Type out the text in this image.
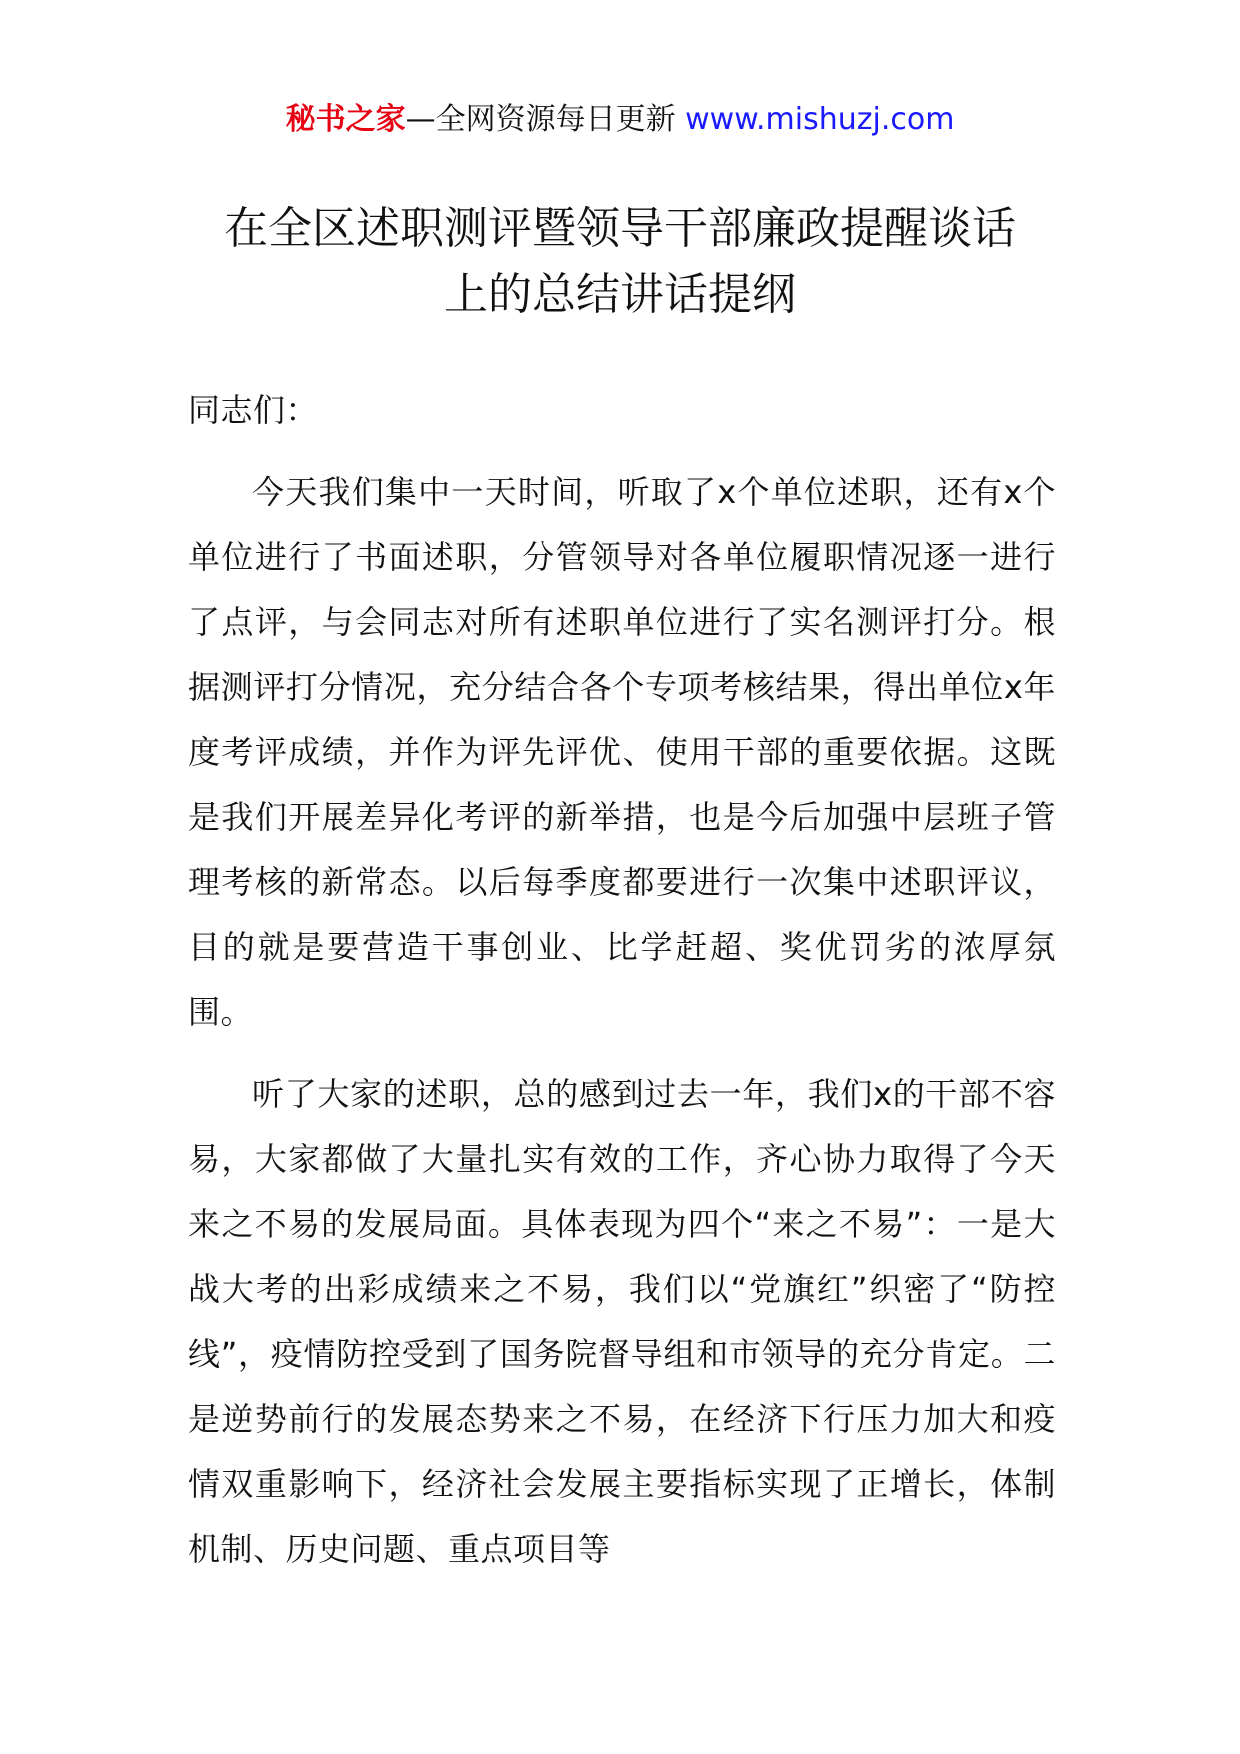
秘书之家—全网资源每日更新 www.mishuzj.com
在全区述职测评暨领导干部廉政提醒谈话
上的总结讲话提纲

同志们：

今天我们集中一天时间，听取了x个单位述职，还有x个单位进行了书面述职，分管领导对各单位履职情况逐一进行了点评，与会同志对所有述职单位进行了实名测评打分。根据测评打分情况，充分结合各个专项考核结果，得出单位x年度考评成绩，并作为评先评优、使用干部的重要依据。这既是我们开展差异化考评的新举措，也是今后加强中层班子管理考核的新常态。以后每季度都要进行一次集中述职评议，目的就是要营造干事创业、比学赶超、奖优罚劣的浓厚氛围。

听了大家的述职，总的感到过去一年，我们x的干部不容易，大家都做了大量扎实有效的工作，齐心协力取得了今天来之不易的发展局面。具体表现为四个“来之不易”：一是大战大考的出彩成绩来之不易，我们以“党旗红”织密了“防控线”，疫情防控受到了国务院督导组和市领导的充分肯定。二是逆势前行的发展态势来之不易，在经济下行压力加大和疫情双重影响下，经济社会发展主要指标实现了正增长，体制机制、历史问题、重点项目等
